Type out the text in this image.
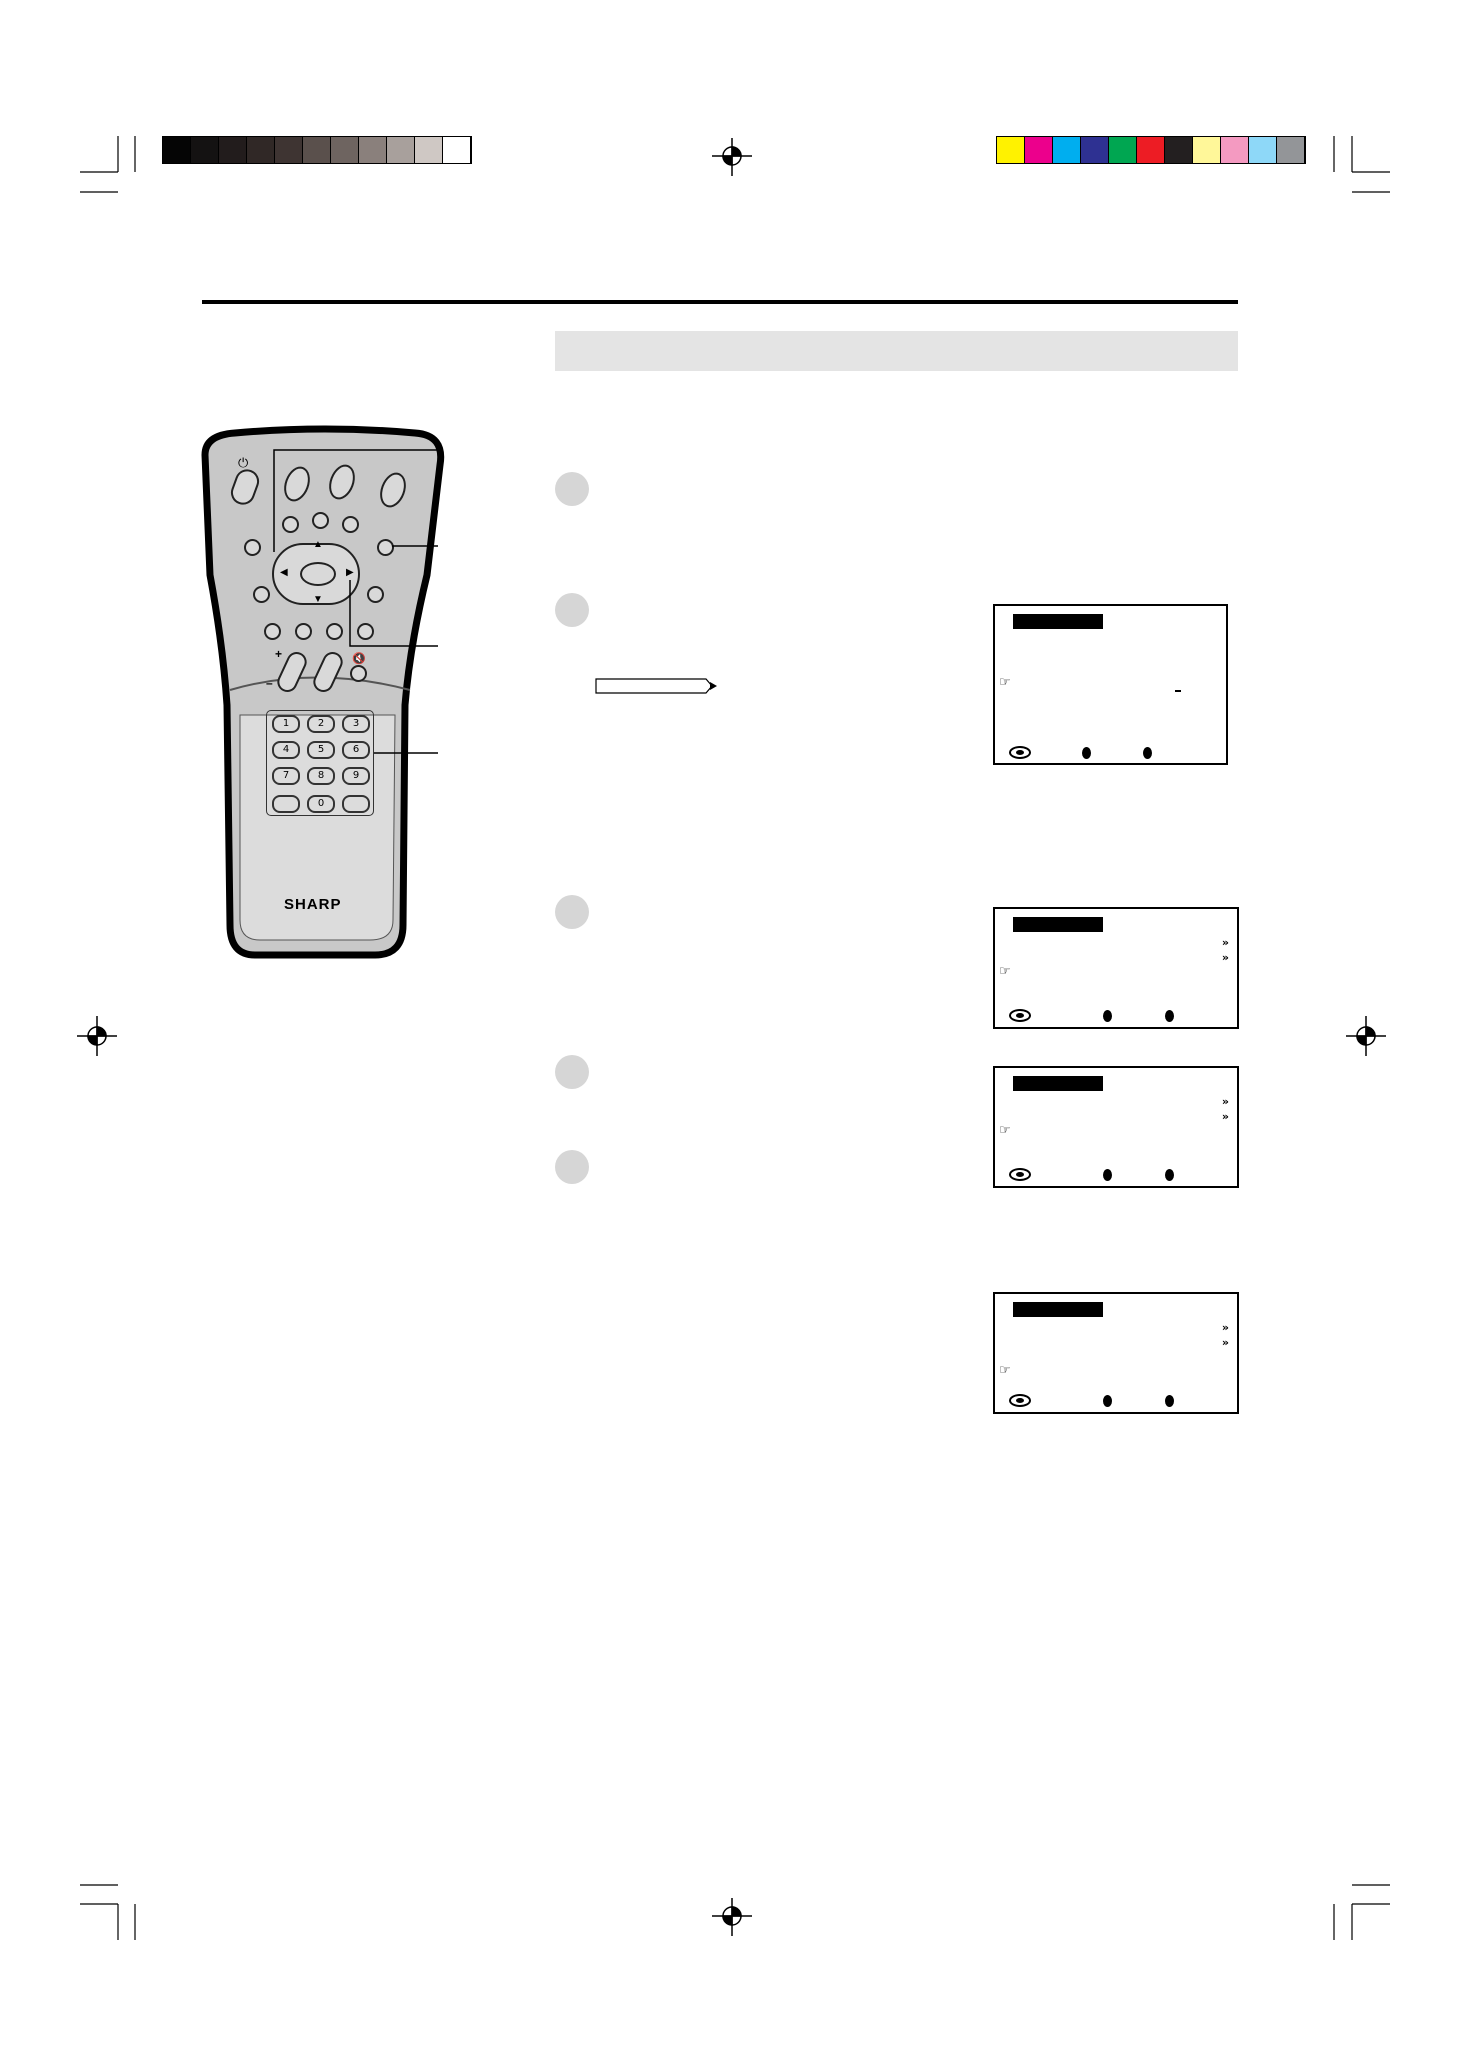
⏻
▲
▼
◀	▶
🔇
+
–
1	2	3
4	5	6
7	8	9
0
SHARP
☞
»
»
☞
»
»
☞
»
»
☞
